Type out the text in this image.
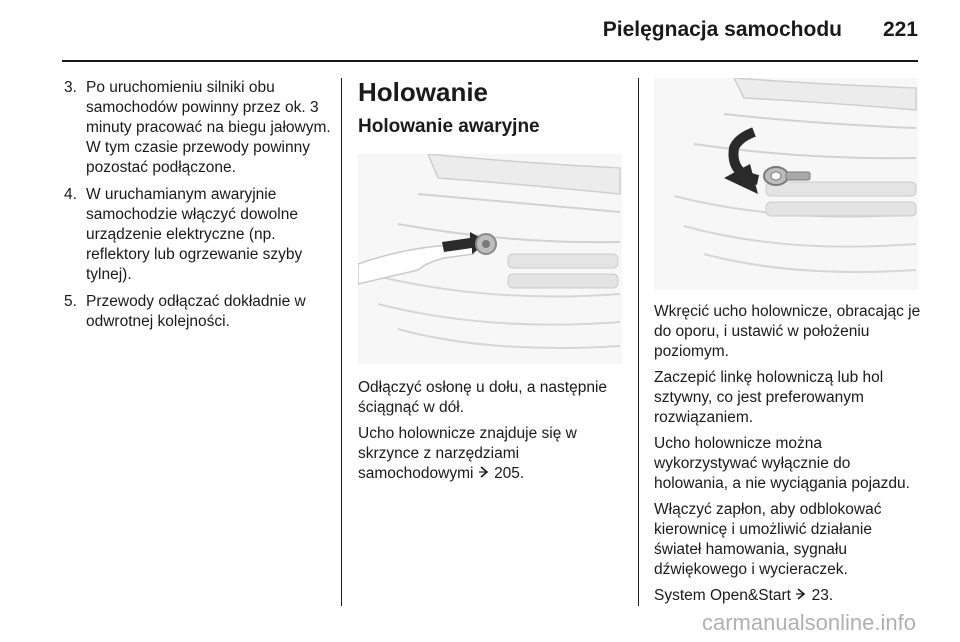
Pielęgnacja samochodu 221
3. Po uruchomieniu silniki obu samochodów powinny przez ok. 3 minuty pracować na biegu jałowym. W tym czasie przewody powinny pozostać podłączone.
4. W uruchamianym awaryjnie samochodzie włączyć dowolne urządzenie elektryczne (np. reflektory lub ogrzewanie szyby tylnej).
5. Przewody odłączać dokładnie w odwrotnej kolejności.
Holowanie
Holowanie awaryjne

Odłączyć osłonę u dołu, a następnie ściągnąć w dół.

Ucho holownicze znajduje się w skrzynce z narzędziami samochodowymi 205.

Wkręcić ucho holownicze, obracając je do oporu, i ustawić w położeniu poziomym.

Zaczepić linkę holowniczą lub hol sztywny, co jest preferowanym rozwiązaniem.

Ucho holownicze można wykorzystywać wyłącznie do holowania, a nie wyciągania pojazdu.

Włączyć zapłon, aby odblokować kierownicę i umożliwić działanie świateł hamowania, sygnału dźwiękowego i wycieraczek.

System Open&Start 23.

carmanualsonline.info
